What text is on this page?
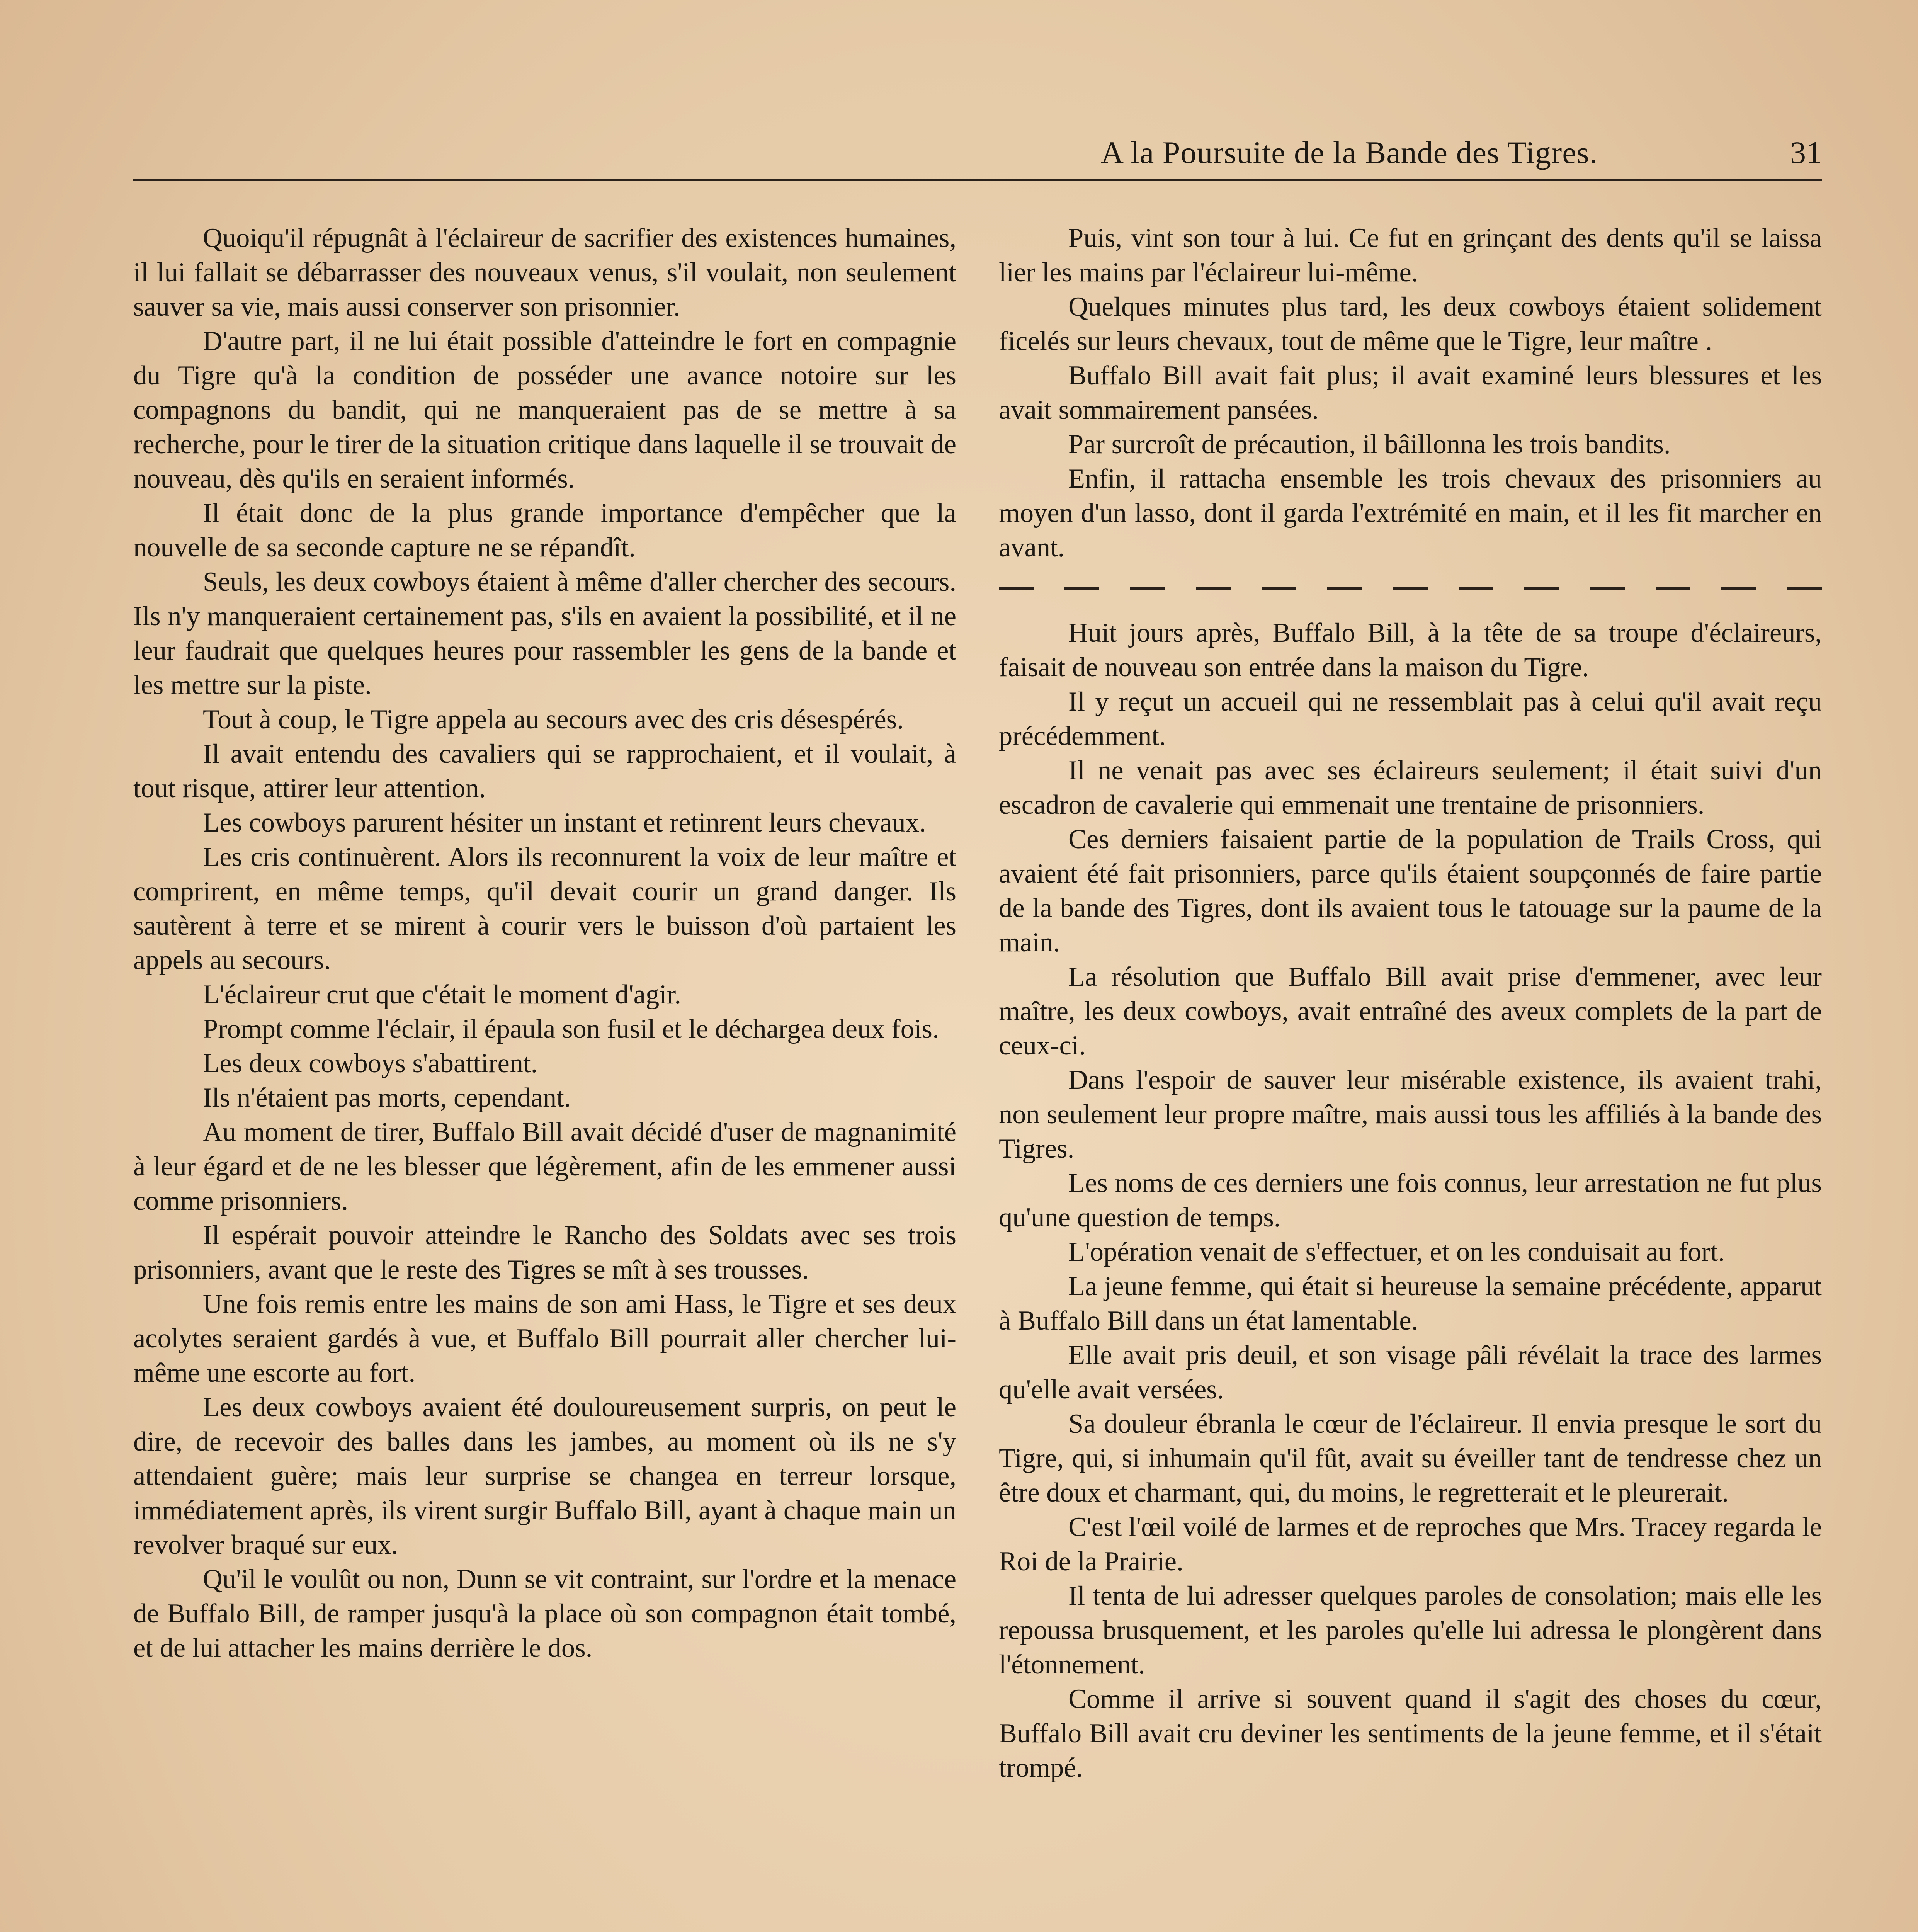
A la Poursuite de la Bande des Tigres.	31

Quoiqu'il répugnât à l'éclaireur de sacrifier des existences humaines, il lui fallait se débarrasser des nouveaux venus, s'il voulait, non seulement sauver sa vie, mais aussi conserver son prisonnier.

D'autre part, il ne lui était possible d'atteindre le fort en compagnie du Tigre qu'à la condition de posséder une avance notoire sur les compagnons du bandit, qui ne manqueraient pas de se mettre à sa recherche, pour le tirer de la situation critique dans laquelle il se trouvait de nouveau, dès qu'ils en seraient informés.

Il était donc de la plus grande importance d'empêcher que la nouvelle de sa seconde capture ne se répandît.

Seuls, les deux cowboys étaient à même d'aller chercher des secours. Ils n'y manqueraient certainement pas, s'ils en avaient la possibilité, et il ne leur faudrait que quelques heures pour rassembler les gens de la bande et les mettre sur la piste.

Tout à coup, le Tigre appela au secours avec des cris désespérés.

Il avait entendu des cavaliers qui se rapprochaient, et il voulait, à tout risque, attirer leur attention.

Les cowboys parurent hésiter un instant et retinrent leurs chevaux.

Les cris continuèrent. Alors ils reconnurent la voix de leur maître et comprirent, en même temps, qu'il devait courir un grand danger. Ils sautèrent à terre et se mirent à courir vers le buisson d'où partaient les appels au secours.

L'éclaireur crut que c'était le moment d'agir.

Prompt comme l'éclair, il épaula son fusil et le déchargea deux fois.

Les deux cowboys s'abattirent.

Ils n'étaient pas morts, cependant.

Au moment de tirer, Buffalo Bill avait décidé d'user de magnanimité à leur égard et de ne les blesser que légèrement, afin de les emmener aussi comme prisonniers.

Il espérait pouvoir atteindre le Rancho des Soldats avec ses trois prisonniers, avant que le reste des Tigres se mît à ses trousses.

Une fois remis entre les mains de son ami Hass, le Tigre et ses deux acolytes seraient gardés à vue, et Buffalo Bill pourrait aller chercher lui-même une escorte au fort.

Les deux cowboys avaient été douloureusement surpris, on peut le dire, de recevoir des balles dans les jambes, au moment où ils ne s'y attendaient guère; mais leur surprise se changea en terreur lorsque, immédiatement après, ils virent surgir Buffalo Bill, ayant à chaque main un revolver braqué sur eux.

Qu'il le voulût ou non, Dunn se vit contraint, sur l'ordre et la menace de Buffalo Bill, de ramper jusqu'à la place où son compagnon était tombé, et de lui attacher les mains derrière le dos.

Puis, vint son tour à lui. Ce fut en grinçant des dents qu'il se laissa lier les mains par l'éclaireur lui-même.

Quelques minutes plus tard, les deux cowboys étaient solidement ficelés sur leurs chevaux, tout de même que le Tigre, leur maître .

Buffalo Bill avait fait plus; il avait examiné leurs blessures et les avait sommairement pansées.

Par surcroît de précaution, il bâillonna les trois bandits.

Enfin, il rattacha ensemble les trois chevaux des prisonniers au moyen d'un lasso, dont il garda l'extrémité en main, et il les fit marcher en avant.

Huit jours après, Buffalo Bill, à la tête de sa troupe d'éclaireurs, faisait de nouveau son entrée dans la maison du Tigre.

Il y reçut un accueil qui ne ressemblait pas à celui qu'il avait reçu précédemment.

Il ne venait pas avec ses éclaireurs seulement; il était suivi d'un escadron de cavalerie qui emmenait une trentaine de prisonniers.

Ces derniers faisaient partie de la population de Trails Cross, qui avaient été fait prisonniers, parce qu'ils étaient soupçonnés de faire partie de la bande des Tigres, dont ils avaient tous le tatouage sur la paume de la main.

La résolution que Buffalo Bill avait prise d'emmener, avec leur maître, les deux cowboys, avait entraîné des aveux complets de la part de ceux-ci.

Dans l'espoir de sauver leur misérable existence, ils avaient trahi, non seulement leur propre maître, mais aussi tous les affiliés à la bande des Tigres.

Les noms de ces derniers une fois connus, leur arrestation ne fut plus qu'une question de temps.

L'opération venait de s'effectuer, et on les conduisait au fort.

La jeune femme, qui était si heureuse la semaine précédente, apparut à Buffalo Bill dans un état lamentable.

Elle avait pris deuil, et son visage pâli révélait la trace des larmes qu'elle avait versées.

Sa douleur ébranla le cœur de l'éclaireur. Il envia presque le sort du Tigre, qui, si inhumain qu'il fût, avait su éveiller tant de tendresse chez un être doux et charmant, qui, du moins, le regretterait et le pleurerait.

C'est l'œil voilé de larmes et de reproches que Mrs. Tracey regarda le Roi de la Prairie.

Il tenta de lui adresser quelques paroles de consolation; mais elle les repoussa brusquement, et les paroles qu'elle lui adressa le plongèrent dans l'étonnement.

Comme il arrive si souvent quand il s'agit des choses du cœur, Buffalo Bill avait cru deviner les sentiments de la jeune femme, et il s'était trompé.
